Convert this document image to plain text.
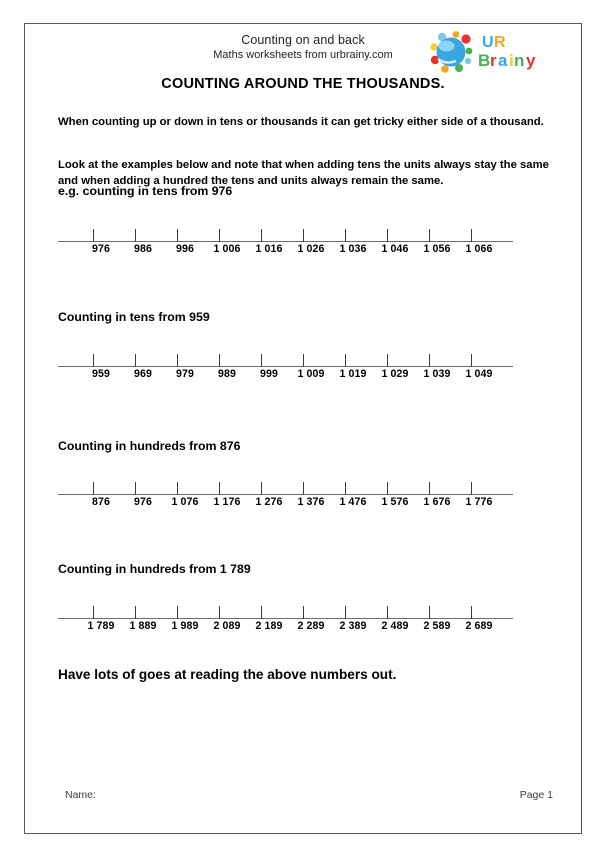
Counting on and back
Maths worksheets from urbrainy.com
U R
B r a i n y
COUNTING AROUND THE THOUSANDS.
When counting up or down in tens or thousands it can get tricky either side of a thousand.
Look at the examples below and note that when adding tens the units always stay the same and when adding a hundred the tens and units always remain the same.
e.g. counting in tens from 976
976 986 996 1 006 1 016 1 026 1 036 1 046 1 056 1 066
Counting in tens from 959
959 969 979 989 999 1 009 1 019 1 029 1 039 1 049
Counting in hundreds from 876
876 976 1 076 1 176 1 276 1 376 1 476 1 576 1 676 1 776
Counting in hundreds from 1 789
1 789 1 889 1 989 2 089 2 189 2 289 2 389 2 489 2 589 2 689
Have lots of goes at reading the above numbers out.
Name:	Page 1
